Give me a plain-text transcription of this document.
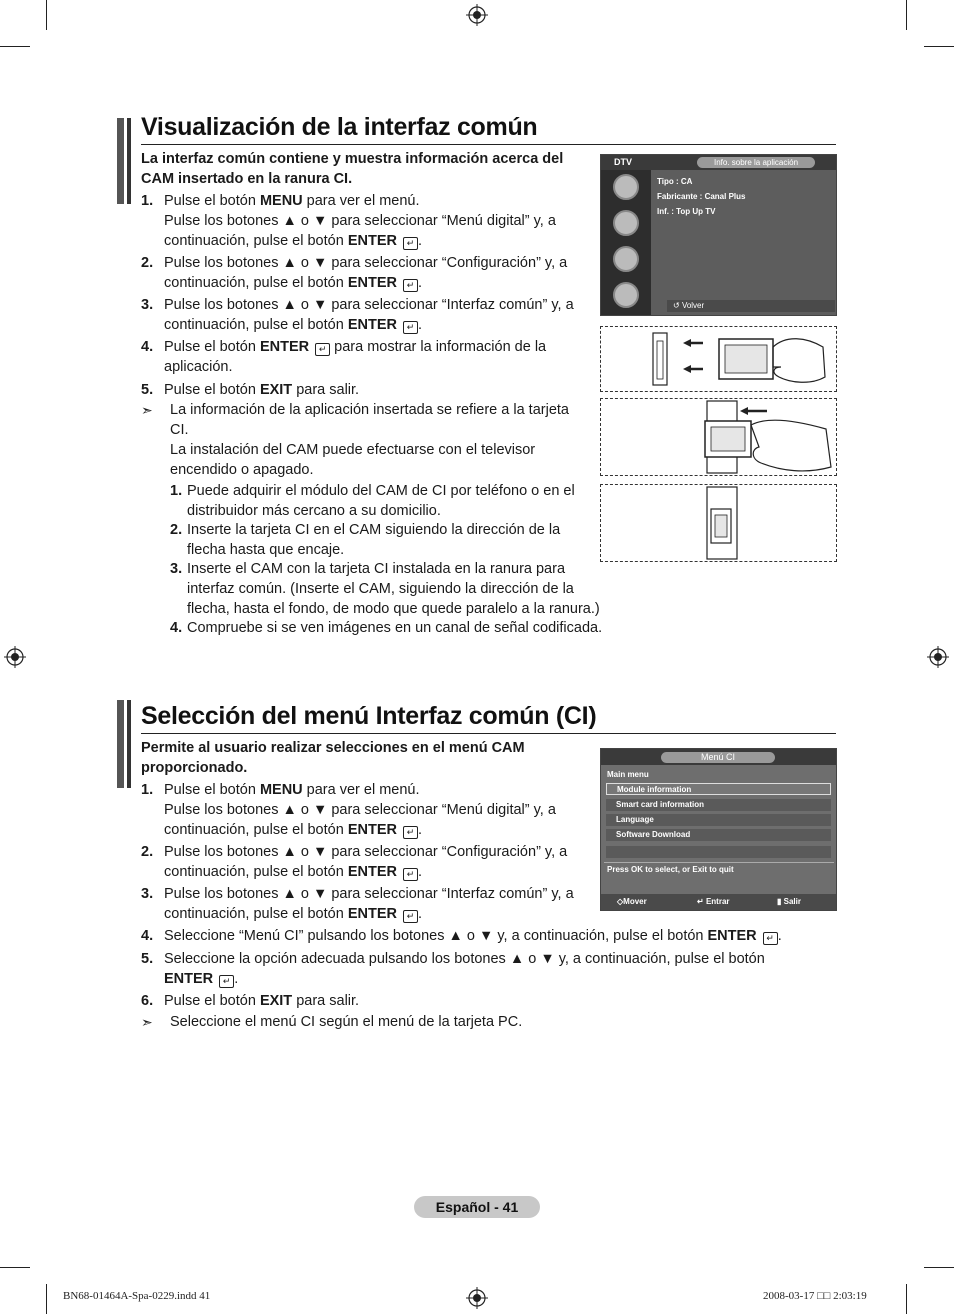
Visualización de la interfaz común
La interfaz común contiene y muestra información acerca del
CAM insertado en la ranura CI.
1. Pulse el botón MENU para ver el menú.
Pulse los botones ▲ o ▼ para seleccionar “Menú digital” y, a
continuación, pulse el botón ENTER ↵ .
2. Pulse los botones ▲ o ▼ para seleccionar “Configuración” y, a
continuación, pulse el botón ENTER ↵ .
3. Pulse los botones ▲ o ▼ para seleccionar “Interfaz común” y, a
continuación, pulse el botón ENTER ↵ .
4. Pulse el botón ENTER ↵ para mostrar la información de la
aplicación.
5. Pulse el botón EXIT para salir.
➣ La información de la aplicación insertada se refiere a la tarjeta
CI.
La instalación del CAM puede efectuarse con el televisor
encendido o apagado.
1. Puede adquirir el módulo del CAM de CI por teléfono o en el
distribuidor más cercano a su domicilio.
2. Inserte la tarjeta CI en el CAM siguiendo la dirección de la
flecha hasta que encaje.
3. Inserte el CAM con la tarjeta CI instalada en la ranura para
interfaz común. (Inserte el CAM, siguiendo la dirección de la
flecha, hasta el fondo, de modo que quede paralelo a la ranura.)
4. Compruebe si se ven imágenes en un canal de señal codificada.
DTV	Info. sobre la aplicación
Tipo : CA
Fabricante : Canal Plus
Inf. : Top Up TV
↺ Volver
Selección del menú Interfaz común (CI)
Permite al usuario realizar selecciones en el menú CAM
proporcionado.
1. Pulse el botón MENU para ver el menú.
Pulse los botones ▲ o ▼ para seleccionar “Menú digital” y, a
continuación, pulse el botón ENTER ↵ .
2. Pulse los botones ▲ o ▼ para seleccionar “Configuración” y, a
continuación, pulse el botón ENTER ↵ .
3. Pulse los botones ▲ o ▼ para seleccionar “Interfaz común” y, a
continuación, pulse el botón ENTER ↵ .
4. Seleccione “Menú CI” pulsando los botones ▲ o ▼ y, a continuación, pulse el botón ENTER ↵ .
5. Seleccione la opción adecuada pulsando los botones ▲ o ▼ y, a continuación, pulse el botón
ENTER ↵ .
6. Pulse el botón EXIT para salir.
➣ Seleccione el menú CI según el menú de la tarjeta PC.
Menú CI
Main menu
Module information
Smart card information
Language
Software Download
Press OK to select, or Exit to quit
◇Mover	↵ Entrar	▮ Salir
Español - 41
BN68-01464A-Spa-0229.indd 41	2008-03-17 □□ 2:03:19
